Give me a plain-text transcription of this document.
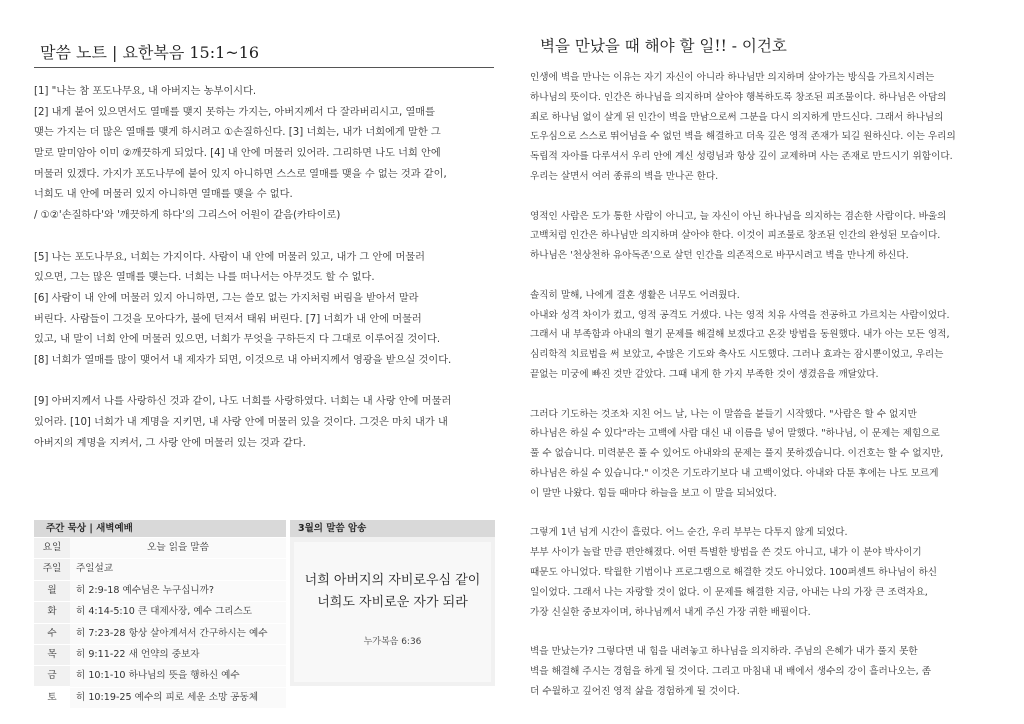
말씀 노트 | 요한복음 15:1~16
[1] "나는 참 포도나무요, 내 아버지는 농부이시다.
[2] 내게 붙어 있으면서도 열매를 맺지 못하는 가지는, 아버지께서 다 잘라버리시고, 열매를
맺는 가지는 더 많은 열매를 맺게 하시려고 ①손질하신다. [3] 너희는, 내가 너희에게 말한 그
말로 말미암아 이미 ②깨끗하게 되었다. [4] 내 안에 머물러 있어라. 그리하면 나도 너희 안에
머물러 있겠다. 가지가 포도나무에 붙어 있지 아니하면 스스로 열매를 맺을 수 없는 것과 같이,
너희도 내 안에 머물러 있지 아니하면 열매를 맺을 수 없다.
/ ①②'손질하다'와 '깨끗하게 하다'의 그리스어 어원이 같음(카타이로)
[5] 나는 포도나무요, 너희는 가지이다. 사람이 내 안에 머물러 있고, 내가 그 안에 머물러
있으면, 그는 많은 열매를 맺는다. 너희는 나를 떠나서는 아무것도 할 수 없다.
[6] 사람이 내 안에 머물러 있지 아니하면, 그는 쓸모 없는 가지처럼 버림을 받아서 말라
버린다. 사람들이 그것을 모아다가, 불에 던져서 태워 버린다. [7] 너희가 내 안에 머물러
있고, 내 말이 너희 안에 머물러 있으면, 너희가 무엇을 구하든지 다 그대로 이루어질 것이다.
[8] 너희가 열매를 많이 맺어서 내 제자가 되면, 이것으로 내 아버지께서 영광을 받으실 것이다.
[9] 아버지께서 나를 사랑하신 것과 같이, 나도 너희를 사랑하였다. 너희는 내 사랑 안에 머물러
있어라. [10] 너희가 내 계명을 지키면, 내 사랑 안에 머물러 있을 것이다. 그것은 마치 내가 내
아버지의 계명을 지켜서, 그 사랑 안에 머물러 있는 것과 같다.
주간 묵상 | 새벽예배
요일	오늘 읽을 말씀
주일	주일설교
월	히 2:9-18 예수님은 누구십니까?
화	히 4:14-5:10 큰 대제사장, 예수 그리스도
수	히 7:23-28 항상 살아계셔서 간구하시는 예수
목	히 9:11-22 새 언약의 중보자
금	히 10:1-10 하나님의 뜻을 행하신 예수
토	히 10:19-25 예수의 피로 세운 소망 공동체
3월의 말씀 암송
너희 아버지의 자비로우심 같이
너희도 자비로운 자가 되라
누가복음 6:36
벽을 만났을 때 해야 할 일!! - 이건호
인생에 벽을 만나는 이유는 자기 자신이 아니라 하나님만 의지하며 살아가는 방식을 가르치시려는
하나님의 뜻이다. 인간은 하나님을 의지하며 살아야 행복하도록 창조된 피조물이다. 하나님은 아담의
죄로 하나님 없이 살게 된 인간이 벽을 만남으로써 그분을 다시 의지하게 만드신다. 그래서 하나님의
도우심으로 스스로 뛰어넘을 수 없던 벽을 해결하고 더욱 깊은 영적 존재가 되길 원하신다. 이는 우리의
독립적 자아를 다루셔서 우리 안에 계신 성령님과 항상 깊이 교제하며 사는 존재로 만드시기 위함이다.
우리는 살면서 여러 종류의 벽을 만나곤 한다.
영적인 사람은 도가 통한 사람이 아니고, 늘 자신이 아닌 하나님을 의지하는 겸손한 사람이다. 바울의
고백처럼 인간은 하나님만 의지하며 살아야 한다. 이것이 피조물로 창조된 인간의 완성된 모습이다.
하나님은 '천상천하 유아독존'으로 살던 인간을 의존적으로 바꾸시려고 벽을 만나게 하신다.
솔직히 말해, 나에게 결혼 생활은 너무도 어려웠다.
아내와 성격 차이가 컸고, 영적 공격도 거셌다. 나는 영적 치유 사역을 전공하고 가르치는 사람이었다.
그래서 내 부족함과 아내의 혈기 문제를 해결해 보겠다고 온갖 방법을 동원했다. 내가 아는 모든 영적,
심리학적 치료법을 써 보았고, 수많은 기도와 축사도 시도했다. 그러나 효과는 잠시뿐이었고, 우리는
끝없는 미궁에 빠진 것만 같았다. 그때 내게 한 가지 부족한 것이 생겼음을 깨달았다.
그러다 기도하는 것조차 지친 어느 날, 나는 이 말씀을 붙들기 시작했다. "사람은 할 수 없지만
하나님은 하실 수 있다"라는 고백에 사람 대신 내 이름을 넣어 말했다. "하나님, 이 문제는 제힘으로
풀 수 없습니다. 미력분은 풀 수 있어도 아내와의 문제는 풀지 못하겠습니다. 이건호는 할 수 없지만,
하나님은 하실 수 있습니다." 이것은 기도라기보다 내 고백이었다. 아내와 다툰 후에는 나도 모르게
이 말만 나왔다. 힘들 때마다 하늘을 보고 이 말을 되뇌었다.
그렇게 1년 넘게 시간이 흘렀다. 어느 순간, 우리 부부는 다투지 않게 되었다.
부부 사이가 놀랄 만큼 편안해졌다. 어떤 특별한 방법을 쓴 것도 아니고, 내가 이 분야 박사이기
때문도 아니었다. 탁월한 기법이나 프로그램으로 해결한 것도 아니었다. 100퍼센트 하나님이 하신
일이었다. 그래서 나는 자랑할 것이 없다. 이 문제를 해결한 지금, 아내는 나의 가장 큰 조력자요,
가장 신실한 중보자이며, 하나님께서 내게 주신 가장 귀한 배필이다.
벽을 만났는가? 그렇다면 내 힘을 내려놓고 하나님을 의지하라. 주님의 은혜가 내가 풀지 못한
벽을 해결해 주시는 경험을 하게 될 것이다. 그리고 마침내 내 배에서 생수의 강이 흘러나오는, 좀
더 수월하고 깊어진 영적 삶을 경험하게 될 것이다.
